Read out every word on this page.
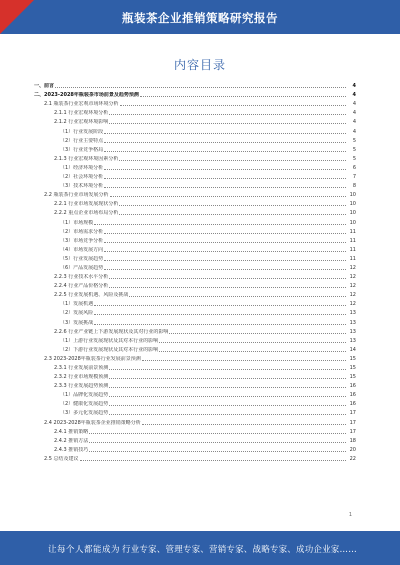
瓶装茶企业推销策略研究报告
内容目录
一、前言	4
二、2023-2028年瓶装茶市场前景及趋势预测	4
2.1 瓶装茶行业宏观市场环境分析	4
2.1.1 行业宏观环境分析	4
2.1.2 行业宏观环境影响	4
（1）行业发展阶段	4
（2）行业主要特点	5
（3）行业竞争格局	5
2.1.3 行业宏观环境因素分析	5
（1）经济环境分析	6
（2）社会环境分析	7
（3）技术环境分析	8
2.2 瓶装茶行业市场发展分析	10
2.2.1 行业市场发展现状分析	10
2.2.2 重点企业市场布局分析	10
（1）市场规模	10
（2）市场需求分析	11
（3）市场竞争分析	11
（4）市场发展方向	11
（5）行业发展趋势	11
（6）产品发展趋势	12
2.2.3 行业技术水平分析	12
2.2.4 行业产品价格分析	12
2.2.5 行业发展机遇、风险及挑战	12
（1）发展机遇	12
（2）发展风险	13
（3）发展挑战	13
2.2.6 行业产业链上下游发展现状及其对行业的影响	13
（1）上游行业发展现状及其对本行业的影响	13
（2）下游行业发展现状及其对本行业的影响	14
2.3 2023-2028年瓶装茶行业发展前景预测	15
2.3.1 行业发展前景预测	15
2.3.2 行业市场规模预测	15
2.3.3 行业发展趋势预测	16
（1）品牌化发展趋势	16
（2）健康化发展趋势	16
（3）多元化发展趋势	17
2.4 2023-2028年瓶装茶企业推销策略分析	17
2.4.1 推销策略	17
2.4.2 推销方法	18
2.4.3 推销技巧	20
2.5 总结及建议	22
1
让每个人都能成为 行业专家、管理专家、营销专家、战略专家、成功企业家……
